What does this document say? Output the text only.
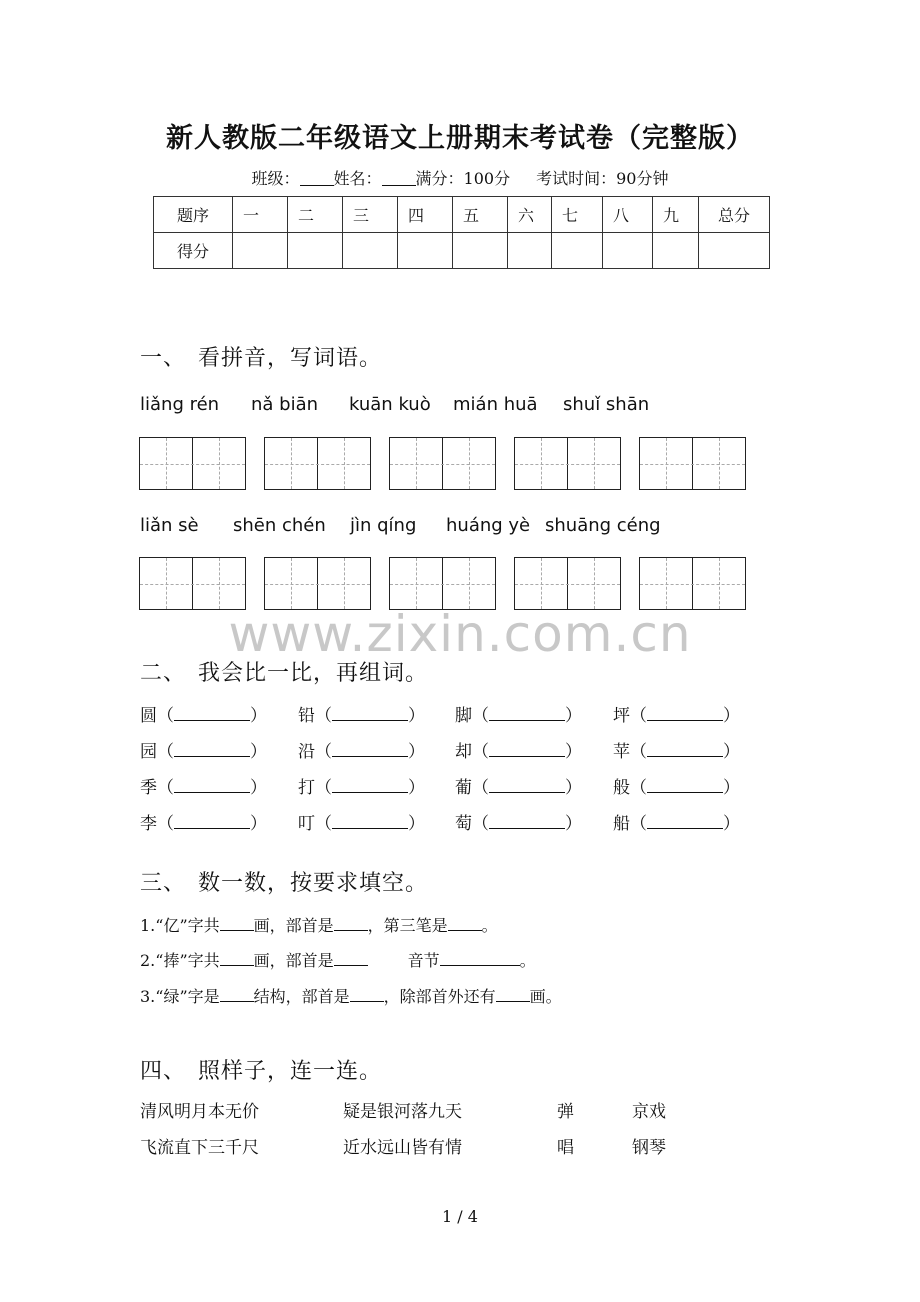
新人教版二年级语文上册期末考试卷（完整版）
班级： 姓名： 满分：100分 考试时间：90分钟
题序	一	二	三	四	五	六	七	八	九	总分
得分										
一、　看拼音，写词语。
liǎng rén nǎ biān kuān kuò mián huā shuǐ shān
liǎn sè shēn chén jìn qíng huáng yè shuāng céng
www.zixin.com.cn
二、　我会比一比，再组词。
圆（	） 铅（	） 脚（	） 坪（	）
园（	） 沿（	） 却（	） 苹（	）
季（	） 打（	） 葡（	） 般（	）
李（	） 叮（	） 萄（	） 船（	）
三、　数一数，按要求填空。
1.“亿”字共 画，部首是 ，第三笔是 。
2.“捧”字共 画，部首是	音节	。
3.“绿”字是 结构，部首是 ，除部首外还有 画。
四、　照样子，连一连。
清风明月本无价	疑是银河落九天	弹	京戏
飞流直下三千尺	近水远山皆有情	唱	钢琴
1 / 4
